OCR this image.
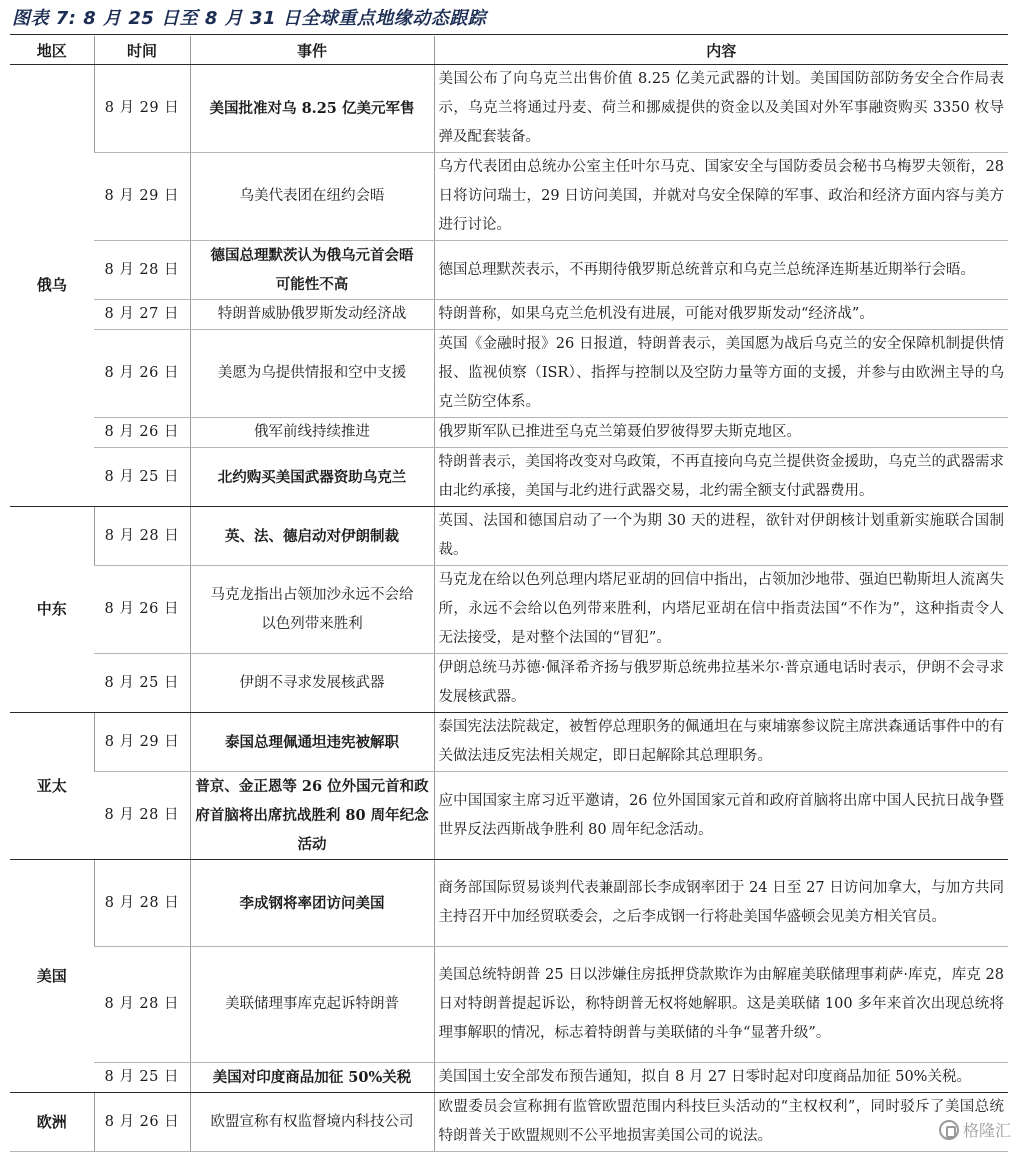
图表 7: 8 月 25 日至 8 月 31 日全球重点地缘动态跟踪
地区	时间	事件	内容
俄乌	8 月 29 日	美国批准对乌 8.25 亿美元军售	美国公布了向乌克兰出售价值 8.25 亿美元武器的计划。美国国防部防务安全合作局表示，乌克兰将通过丹麦、荷兰和挪威提供的资金以及美国对外军事融资购买 3350 枚导弹及配套装备。
	8 月 29 日	乌美代表团在纽约会晤	乌方代表团由总统办公室主任叶尔马克、国家安全与国防委员会秘书乌梅罗夫领衔，28 日将访问瑞士，29 日访问美国，并就对乌安全保障的军事、政治和经济方面内容与美方进行讨论。
	8 月 28 日	德国总理默茨认为俄乌元首会晤可能性不高	德国总理默茨表示，不再期待俄罗斯总统普京和乌克兰总统泽连斯基近期举行会晤。
	8 月 27 日	特朗普威胁俄罗斯发动经济战	特朗普称，如果乌克兰危机没有进展，可能对俄罗斯发动“经济战”。
	8 月 26 日	美愿为乌提供情报和空中支援	英国《金融时报》26 日报道，特朗普表示，美国愿为战后乌克兰的安全保障机制提供情报、监视侦察（ISR）、指挥与控制以及空防力量等方面的支援，并参与由欧洲主导的乌克兰防空体系。
	8 月 26 日	俄军前线持续推进	俄罗斯军队已推进至乌克兰第聂伯罗彼得罗夫斯克地区。
	8 月 25 日	北约购买美国武器资助乌克兰	特朗普表示，美国将改变对乌政策，不再直接向乌克兰提供资金援助，乌克兰的武器需求由北约承接，美国与北约进行武器交易，北约需全额支付武器费用。
中东	8 月 28 日	英、法、德启动对伊朗制裁	英国、法国和德国启动了一个为期 30 天的进程，欲针对伊朗核计划重新实施联合国制裁。
	8 月 26 日	马克龙指出占领加沙永远不会给以色列带来胜利	马克龙在给以色列总理内塔尼亚胡的回信中指出，占领加沙地带、强迫巴勒斯坦人流离失所，永远不会给以色列带来胜利，内塔尼亚胡在信中指责法国“不作为”，这种指责令人无法接受，是对整个法国的“冒犯”。
	8 月 25 日	伊朗不寻求发展核武器	伊朗总统马苏德·佩泽希齐扬与俄罗斯总统弗拉基米尔·普京通电话时表示，伊朗不会寻求发展核武器。
亚太	8 月 29 日	泰国总理佩通坦违宪被解职	泰国宪法法院裁定，被暂停总理职务的佩通坦在与柬埔寨参议院主席洪森通话事件中的有关做法违反宪法相关规定，即日起解除其总理职务。
	8 月 28 日	普京、金正恩等 26 位外国元首和政府首脑将出席抗战胜利 80 周年纪念活动	应中国国家主席习近平邀请，26 位外国国家元首和政府首脑将出席中国人民抗日战争暨世界反法西斯战争胜利 80 周年纪念活动。
美国	8 月 28 日	李成钢将率团访问美国	商务部国际贸易谈判代表兼副部长李成钢率团于 24 日至 27 日访问加拿大，与加方共同主持召开中加经贸联委会，之后李成钢一行将赴美国华盛顿会见美方相关官员。
	8 月 28 日	美联储理事库克起诉特朗普	美国总统特朗普 25 日以涉嫌住房抵押贷款欺诈为由解雇美联储理事莉萨·库克，库克 28 日对特朗普提起诉讼，称特朗普无权将她解职。这是美联储 100 多年来首次出现总统将理事解职的情况，标志着特朗普与美联储的斗争“显著升级”。
	8 月 25 日	美国对印度商品加征 50%关税	美国国土安全部发布预告通知，拟自 8 月 27 日零时起对印度商品加征 50%关税。
欧洲	8 月 26 日	欧盟宣称有权监督境内科技公司	欧盟委员会宣称拥有监管欧盟范围内科技巨头活动的“主权权利”，同时驳斥了美国总统特朗普关于欧盟规则不公平地损害美国公司的说法。	格隆汇
